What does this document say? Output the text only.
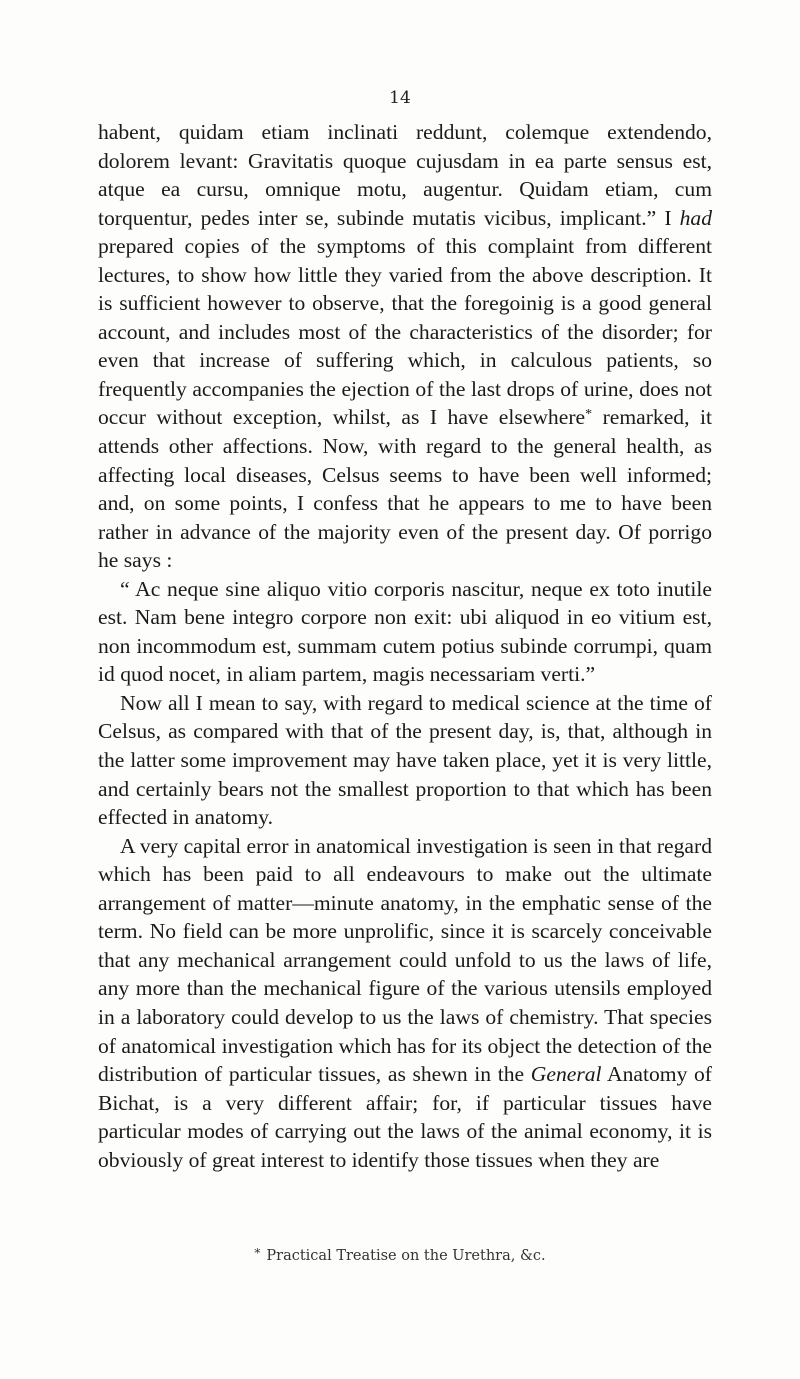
14

habent, quidam etiam inclinati reddunt, colemque extendendo, dolorem levant: Gravitatis quoque cujusdam in ea parte sensus est, atque ea cursu, omnique motu, augentur. Quidam etiam, cum torquentur, pedes inter se, subinde mutatis vicibus, implicant.” I had prepared copies of the symptoms of this complaint from different lectures, to show how little they varied from the above description. It is sufficient however to observe, that the foregoinig is a good general account, and includes most of the characteristics of the disorder; for even that increase of suffering which, in calculous patients, so frequently accompanies the ejection of the last drops of urine, does not occur without exception, whilst, as I have elsewhere* remarked, it attends other affections. Now, with regard to the general health, as affecting local diseases, Celsus seems to have been well informed; and, on some points, I confess that he appears to me to have been rather in advance of the majority even of the present day. Of porrigo he says :

“ Ac neque sine aliquo vitio corporis nascitur, neque ex toto inutile est. Nam bene integro corpore non exit: ubi aliquod in eo vitium est, non incommodum est, summam cutem potius subinde corrumpi, quam id quod nocet, in aliam partem, magis necessariam verti.”

Now all I mean to say, with regard to medical science at the time of Celsus, as compared with that of the present day, is, that, although in the latter some improvement may have taken place, yet it is very little, and certainly bears not the smallest proportion to that which has been effected in anatomy.

A very capital error in anatomical investigation is seen in that regard which has been paid to all endeavours to make out the ultimate arrangement of matter—minute anatomy, in the emphatic sense of the term. No field can be more unprolific, since it is scarcely conceivable that any mechanical arrangement could unfold to us the laws of life, any more than the mechanical figure of the various utensils employed in a laboratory could develop to us the laws of chemistry. That species of anatomical investigation which has for its object the detection of the distribution of particular tissues, as shewn in the General Anatomy of Bichat, is a very different affair; for, if particular tissues have particular modes of carrying out the laws of the animal economy, it is obviously of great interest to identify those tissues when they are

* Practical Treatise on the Urethra, &c.
